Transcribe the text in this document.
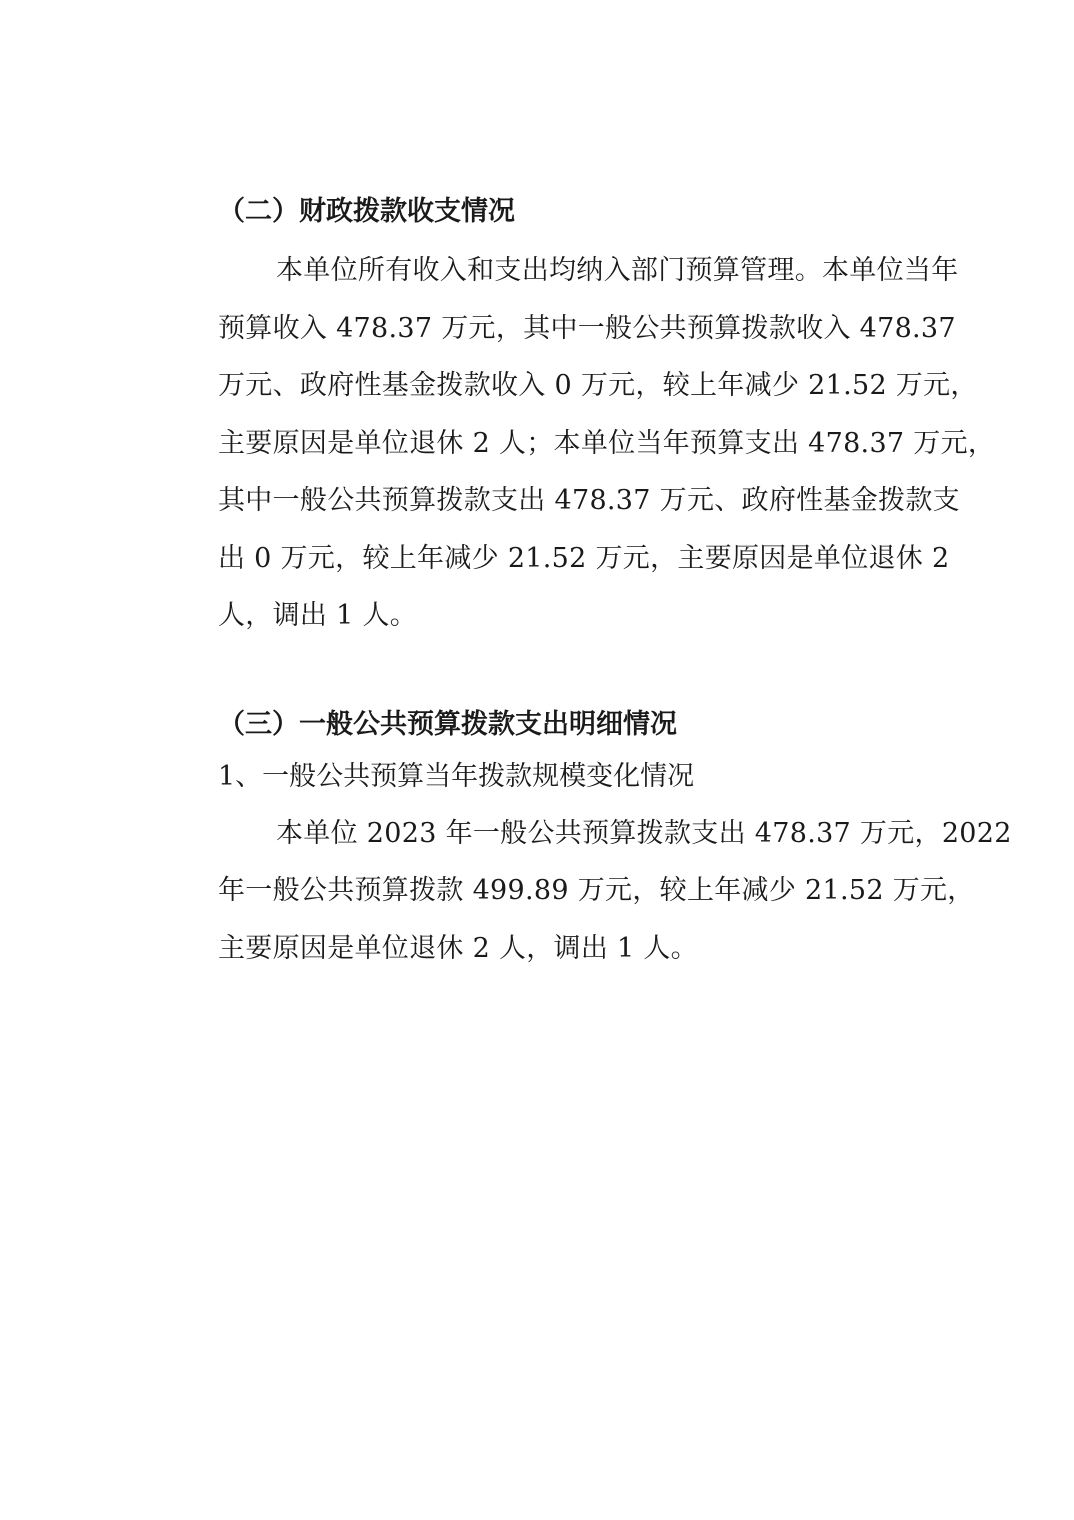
（二）财政拨款收支情况
本单位所有收入和支出均纳入部门预算管理。本单位当年
预算收入 478.37 万元，其中一般公共预算拨款收入 478.37
万元、政府性基金拨款收入 0 万元，较上年减少 21.52 万元，
主要原因是单位退休 2 人；本单位当年预算支出 478.37 万元，
其中一般公共预算拨款支出 478.37 万元、政府性基金拨款支
出 0 万元，较上年减少 21.52 万元，主要原因是单位退休 2
人，调出 1 人。
（三）一般公共预算拨款支出明细情况

1、一般公共预算当年拨款规模变化情况

本单位 2023 年一般公共预算拨款支出 478.37 万元，2022
年一般公共预算拨款 499.89 万元，较上年减少 21.52 万元，
主要原因是单位退休 2 人，调出 1 人。
